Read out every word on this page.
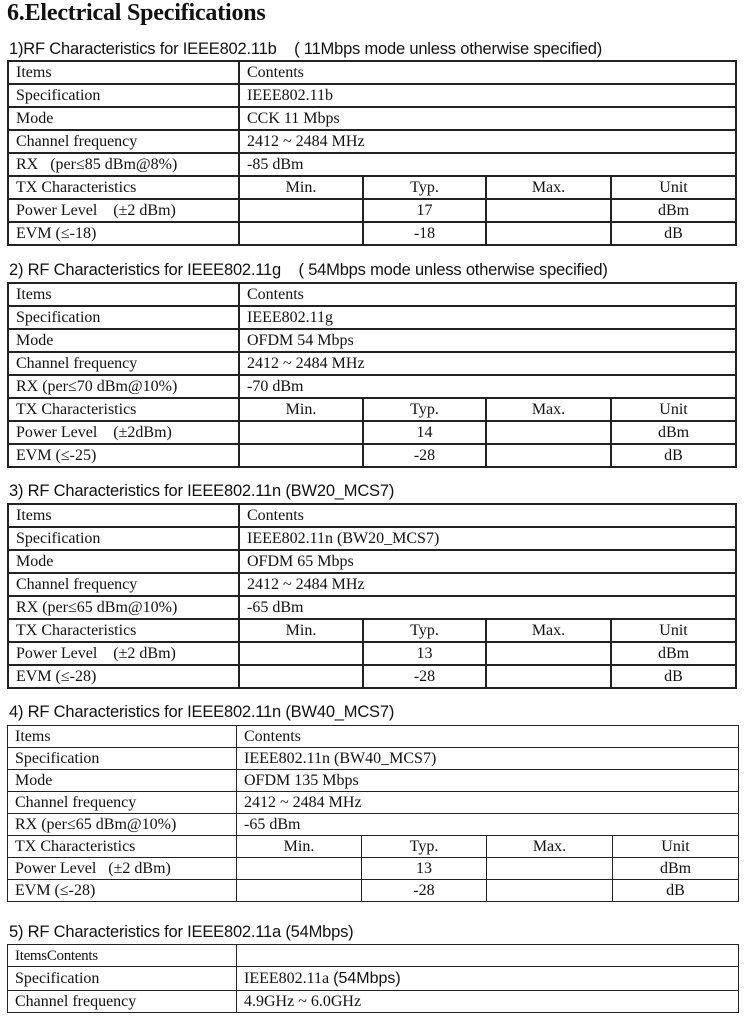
6.Electrical Specifications
1)RF Characteristics for IEEE802.11b    ( 11Mbps mode unless otherwise specified)
Items	Contents			
Specification	IEEE802.11b			
Mode	CCK 11 Mbps			
Channel frequency	2412 ~ 2484 MHz			
RX   (per≤85 dBm@8%)	-85 dBm			
TX Characteristics	Min.	Typ.	Max.	Unit
Power Level    (±2 dBm)		17		dBm
EVM (≤-18)		-18		dB
2) RF Characteristics for IEEE802.11g    ( 54Mbps mode unless otherwise specified)
Items	Contents			
Specification	IEEE802.11g			
Mode	OFDM 54 Mbps			
Channel frequency	2412 ~ 2484 MHz			
RX (per≤70 dBm@10%)	-70 dBm			
TX Characteristics	Min.	Typ.	Max.	Unit
Power Level    (±2dBm)		14		dBm
EVM (≤-25)		-28		dB
3) RF Characteristics for IEEE802.11n (BW20_MCS7)
Items	Contents			
Specification	IEEE802.11n (BW20_MCS7)			
Mode	OFDM 65 Mbps			
Channel frequency	2412 ~ 2484 MHz			
RX (per≤65 dBm@10%)	-65 dBm			
TX Characteristics	Min.	Typ.	Max.	Unit
Power Level    (±2 dBm)		13		dBm
EVM (≤-28)		-28		dB
4) RF Characteristics for IEEE802.11n (BW40_MCS7)
Items	Contents			
Specification	IEEE802.11n (BW40_MCS7)			
Mode	OFDM 135 Mbps			
Channel frequency	2412 ~ 2484 MHz			
RX (per≤65 dBm@10%)	-65 dBm			
TX Characteristics	Min.	Typ.	Max.	Unit
Power Level   (±2 dBm)		13		dBm
EVM (≤-28)		-28		dB
5) RF Characteristics for IEEE802.11a (54Mbps)
ItemsContents	
Specification	IEEE802.11a (54Mbps)
Channel frequency	4.9GHz ~ 6.0GHz
